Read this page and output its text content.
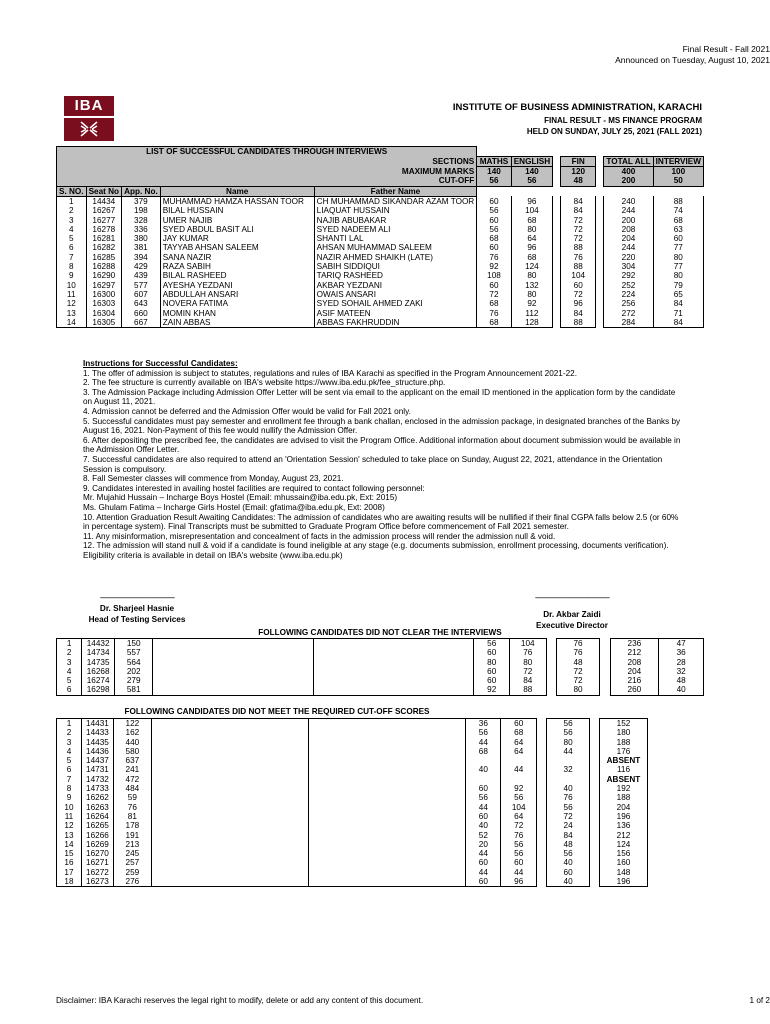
Final Result - Fall 2021
Announced on Tuesday, August 10, 2021
IBA	INSTITUTE OF BUSINESS ADMINISTRATION, KARACHI
FINAL RESULT - MS FINANCE PROGRAM
HELD ON SUNDAY, JULY 25, 2021 (FALL 2021)
LIST OF SUCCESSFUL CANDIDATES THROUGH INTERVIEWS											
SECTIONS					MATHS	ENGLISH		FIN		TOTAL ALL	INTERVIEW
MAXIMUM MARKS					140	140		120		400	100
CUT-OFF					56	56		48		200	50
S. NO.	Seat No	App. No.	Name	Father Name							
1	14434	379	MUHAMMAD HAMZA HASSAN TOOR	CH MUHAMMAD SIKANDAR AZAM TOOR	60	96		84		240	88
2	16267	198	BILAL HUSSAIN	LIAQUAT HUSSAIN	56	104		84		244	74
3	16277	328	UMER NAJIB	NAJIB ABUBAKAR	60	68		72		200	68
4	16278	336	SYED ABDUL BASIT ALI	SYED NADEEM ALI	56	80		72		208	63
5	16281	380	JAY KUMAR	SHANTI LAL	68	64		72		204	60
6	16282	381	TAYYAB AHSAN SALEEM	AHSAN MUHAMMAD SALEEM	60	96		88		244	77
7	16285	394	SANA NAZIR	NAZIR AHMED SHAIKH (LATE)	76	68		76		220	80
8	16288	429	RAZA SABIH	SABIH SIDDIQUI	92	124		88		304	77
9	16290	439	BILAL RASHEED	TARIQ RASHEED	108	80		104		292	80
10	16297	577	AYESHA YEZDANI	AKBAR YEZDANI	60	132		60		252	79
11	16300	607	ABDULLAH ANSARI	OWAIS ANSARI	72	80		72		224	65
12	16303	643	NOVERA FATIMA	SYED SOHAIL AHMED ZAKI	68	92		96		256	84
13	16304	660	MOMIN KHAN	ASIF MATEEN	76	112		84		272	71
14	16305	667	ZAIN ABBAS	ABBAS FAKHRUDDIN	68	128		88		284	84
Instructions for Successful Candidates:
1. The offer of admission is subject to statutes, regulations and rules of IBA Karachi as specified in the Program Announcement 2021-22.
2. The fee structure is currently available on IBA's website https://www.iba.edu.pk/fee_structure.php.
3. The Admission Package including Admission Offer Letter will be sent via email to the applicant on the email ID mentioned in the application form by the candidate
on August 11, 2021.
4. Admission cannot be deferred and the Admission Offer would be valid for Fall 2021 only.
5. Successful candidates must pay semester and enrollment fee through a bank challan, enclosed in the admission package, in designated branches of the Banks by
August 16, 2021. Non-Payment of this fee would nullify the Admission Offer.
6. After depositing the prescribed fee, the candidates are advised to visit the Program Office. Additional information about document submission would be available in
the Admission Offer Letter.
7. Successful candidates are also required to attend an 'Orientation Session' scheduled to take place on Sunday, August 22, 2021, attendance in the Orientation
Session is compulsory.
8. Fall Semester classes will commence from Monday, August 23, 2021.
9. Candidates interested in availing hostel facilities are required to contact following personnel:
Mr. Mujahid Hussain – Incharge Boys Hostel (Email: mhussain@iba.edu.pk, Ext: 2015)
Ms. Ghulam Fatima – Incharge Girls Hostel (Email: gfatima@iba.edu.pk, Ext: 2008)
10. Attention Graduation Result Awaiting Candidates: The admission of candidates who are awaiting results will be nullified if their final CGPA falls below 2.5 (or 60%
in percentage system). Final Transcripts must be submitted to Graduate Program Office before commencement of Fall 2021 semester.
11. Any misinformation, misrepresentation and concealment of facts in the admission process will render the admission null & void.
12. The admission will stand null & void if a candidate is found ineligible at any stage (e.g. documents submission, enrollment processing, documents verification).
Eligibility criteria is available in detail on IBA's website (www.iba.edu.pk)
-------------------------------------------
Dr. Sharjeel Hasnie
Head of Testing Services
-------------------------------------------
Dr. Akbar Zaidi
Executive Director
FOLLOWING CANDIDATES DID NOT CLEAR THE INTERVIEWS
1	14432	150			56	104		76		236	47
2	14734	557			60	76		76		212	36
3	14735	564			80	80		48		208	28
4	16268	202			60	72		72		204	32
5	16274	279			60	84		72		216	48
6	16298	581			92	88		80		260	40
FOLLOWING CANDIDATES DID NOT MEET THE REQUIRED CUT-OFF SCORES
1	14431	122			36	60		56		152
2	14433	162			56	68		56		180
3	14435	440			44	64		80		188
4	14436	580			68	64		44		176
5	14437	637								ABSENT
6	14731	241			40	44		32		116
7	14732	472								ABSENT
8	14733	484			60	92		40		192
9	16262	59			56	56		76		188
10	16263	76			44	104		56		204
11	16264	81			60	64		72		196
12	16265	178			40	72		24		136
13	16266	191			52	76		84		212
14	16269	213			20	56		48		124
15	16270	245			44	56		56		156
16	16271	257			60	60		40		160
17	16272	259			44	44		60		148
18	16273	276			60	96		40		196
Disclaimer: IBA Karachi reserves the legal right to modify, delete or add any content of this document.	1 of 2
